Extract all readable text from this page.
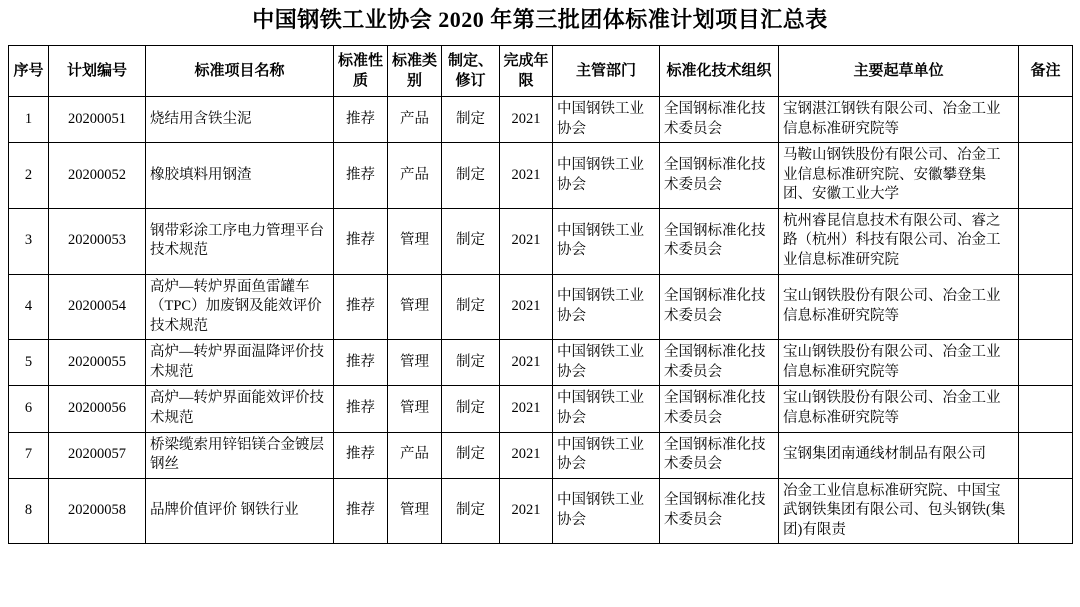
中国钢铁工业协会 2020 年第三批团体标准计划项目汇总表
序号	计划编号	标准项目名称	标准性质	标准类别	制定、修订	完成年限	主管部门	标准化技术组织	主要起草单位	备注
1	20200051	烧结用含铁尘泥	推荐	产品	制定	2021	中国钢铁工业协会	全国钢标准化技术委员会	宝钢湛江钢铁有限公司、冶金工业信息标准研究院等	
2	20200052	橡胶填料用钢渣	推荐	产品	制定	2021	中国钢铁工业协会	全国钢标准化技术委员会	马鞍山钢铁股份有限公司、冶金工业信息标准研究院、安徽攀登集团、安徽工业大学	
3	20200053	钢带彩涂工序电力管理平台技术规范	推荐	管理	制定	2021	中国钢铁工业协会	全国钢标准化技术委员会	杭州睿昆信息技术有限公司、睿之路（杭州）科技有限公司、冶金工业信息标准研究院	
4	20200054	高炉—转炉界面鱼雷罐车（TPC）加废钢及能效评价技术规范	推荐	管理	制定	2021	中国钢铁工业协会	全国钢标准化技术委员会	宝山钢铁股份有限公司、冶金工业信息标准研究院等	
5	20200055	高炉—转炉界面温降评价技术规范	推荐	管理	制定	2021	中国钢铁工业协会	全国钢标准化技术委员会	宝山钢铁股份有限公司、冶金工业信息标准研究院等	
6	20200056	高炉—转炉界面能效评价技术规范	推荐	管理	制定	2021	中国钢铁工业协会	全国钢标准化技术委员会	宝山钢铁股份有限公司、冶金工业信息标准研究院等	
7	20200057	桥梁缆索用锌铝镁合金镀层钢丝	推荐	产品	制定	2021	中国钢铁工业协会	全国钢标准化技术委员会	宝钢集团南通线材制品有限公司	
8	20200058	品牌价值评价 钢铁行业	推荐	管理	制定	2021	中国钢铁工业协会	全国钢标准化技术委员会	冶金工业信息标准研究院、中国宝武钢铁集团有限公司、包头钢铁(集团)有限责	
